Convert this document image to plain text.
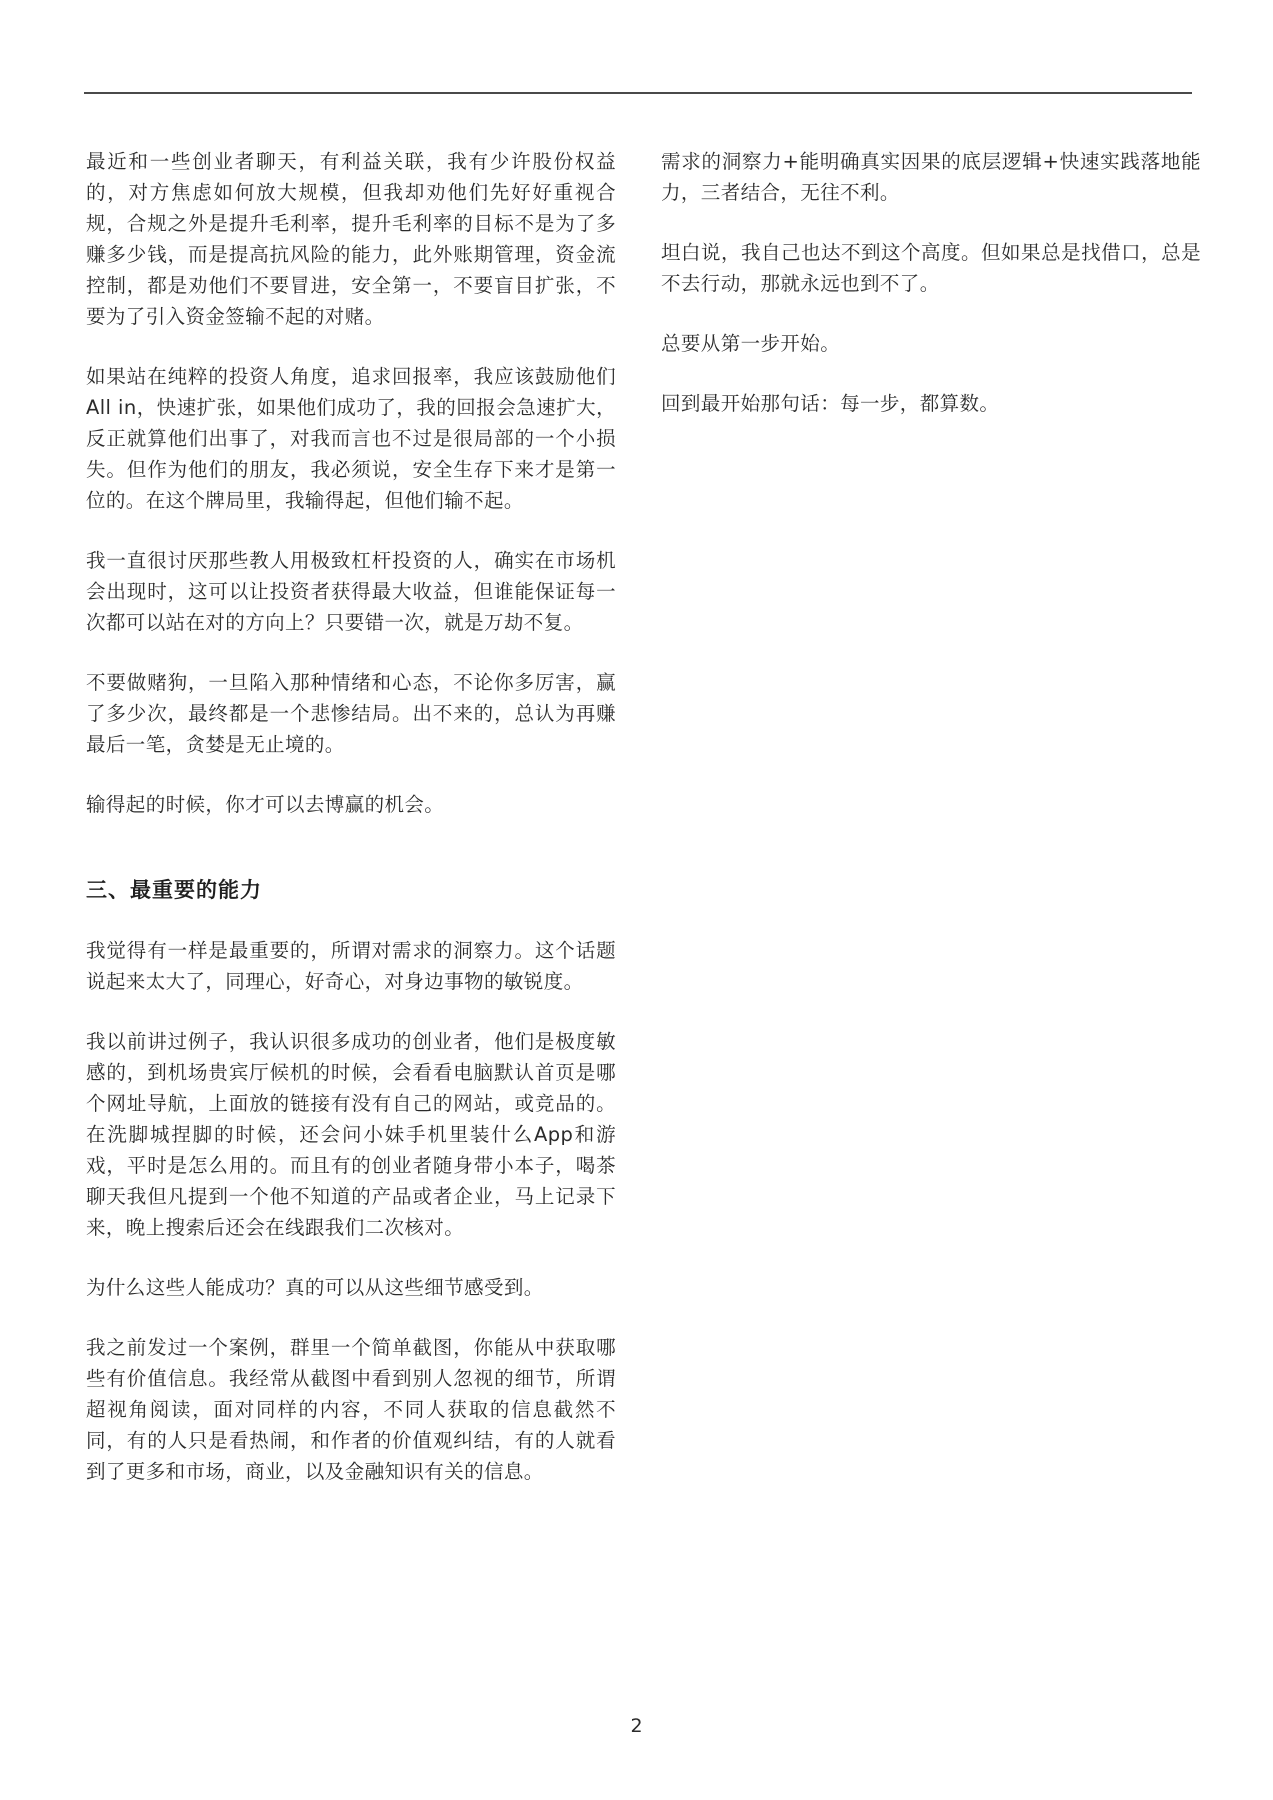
最近和一些创业者聊天，有利益关联，我有少许股份权益的，对方焦虑如何放大规模，但我却劝他们先好好重视合规，合规之外是提升毛利率，提升毛利率的目标不是为了多赚多少钱，而是提高抗风险的能力，此外账期管理，资金流控制，都是劝他们不要冒进，安全第一，不要盲目扩张，不要为了引入资金签输不起的对赌。

如果站在纯粹的投资人角度，追求回报率，我应该鼓励他们All in，快速扩张，如果他们成功了，我的回报会急速扩大，反正就算他们出事了，对我而言也不过是很局部的一个小损失。但作为他们的朋友，我必须说，安全生存下来才是第一位的。在这个牌局里，我输得起，但他们输不起。

我一直很讨厌那些教人用极致杠杆投资的人，确实在市场机会出现时，这可以让投资者获得最大收益，但谁能保证每一次都可以站在对的方向上？只要错一次，就是万劫不复。

不要做赌狗，一旦陷入那种情绪和心态，不论你多厉害，赢了多少次，最终都是一个悲惨结局。出不来的，总认为再赚最后一笔，贪婪是无止境的。

输得起的时候，你才可以去博赢的机会。

三、最重要的能力

我觉得有一样是最重要的，所谓对需求的洞察力。这个话题说起来太大了，同理心，好奇心，对身边事物的敏锐度。

我以前讲过例子，我认识很多成功的创业者，他们是极度敏感的，到机场贵宾厅候机的时候，会看看电脑默认首页是哪个网址导航，上面放的链接有没有自己的网站，或竞品的。在洗脚城捏脚的时候，还会问小妹手机里装什么App和游戏，平时是怎么用的。而且有的创业者随身带小本子，喝茶聊天我但凡提到一个他不知道的产品或者企业，马上记录下来，晚上搜索后还会在线跟我们二次核对。

为什么这些人能成功？真的可以从这些细节感受到。

我之前发过一个案例，群里一个简单截图，你能从中获取哪些有价值信息。我经常从截图中看到别人忽视的细节，所谓超视角阅读，面对同样的内容，不同人获取的信息截然不同，有的人只是看热闹，和作者的价值观纠结，有的人就看到了更多和市场，商业，以及金融知识有关的信息。

需求的洞察力+能明确真实因果的底层逻辑+快速实践落地能力，三者结合，无往不利。

坦白说，我自己也达不到这个高度。但如果总是找借口，总是不去行动，那就永远也到不了。

总要从第一步开始。

回到最开始那句话：每一步，都算数。

2
